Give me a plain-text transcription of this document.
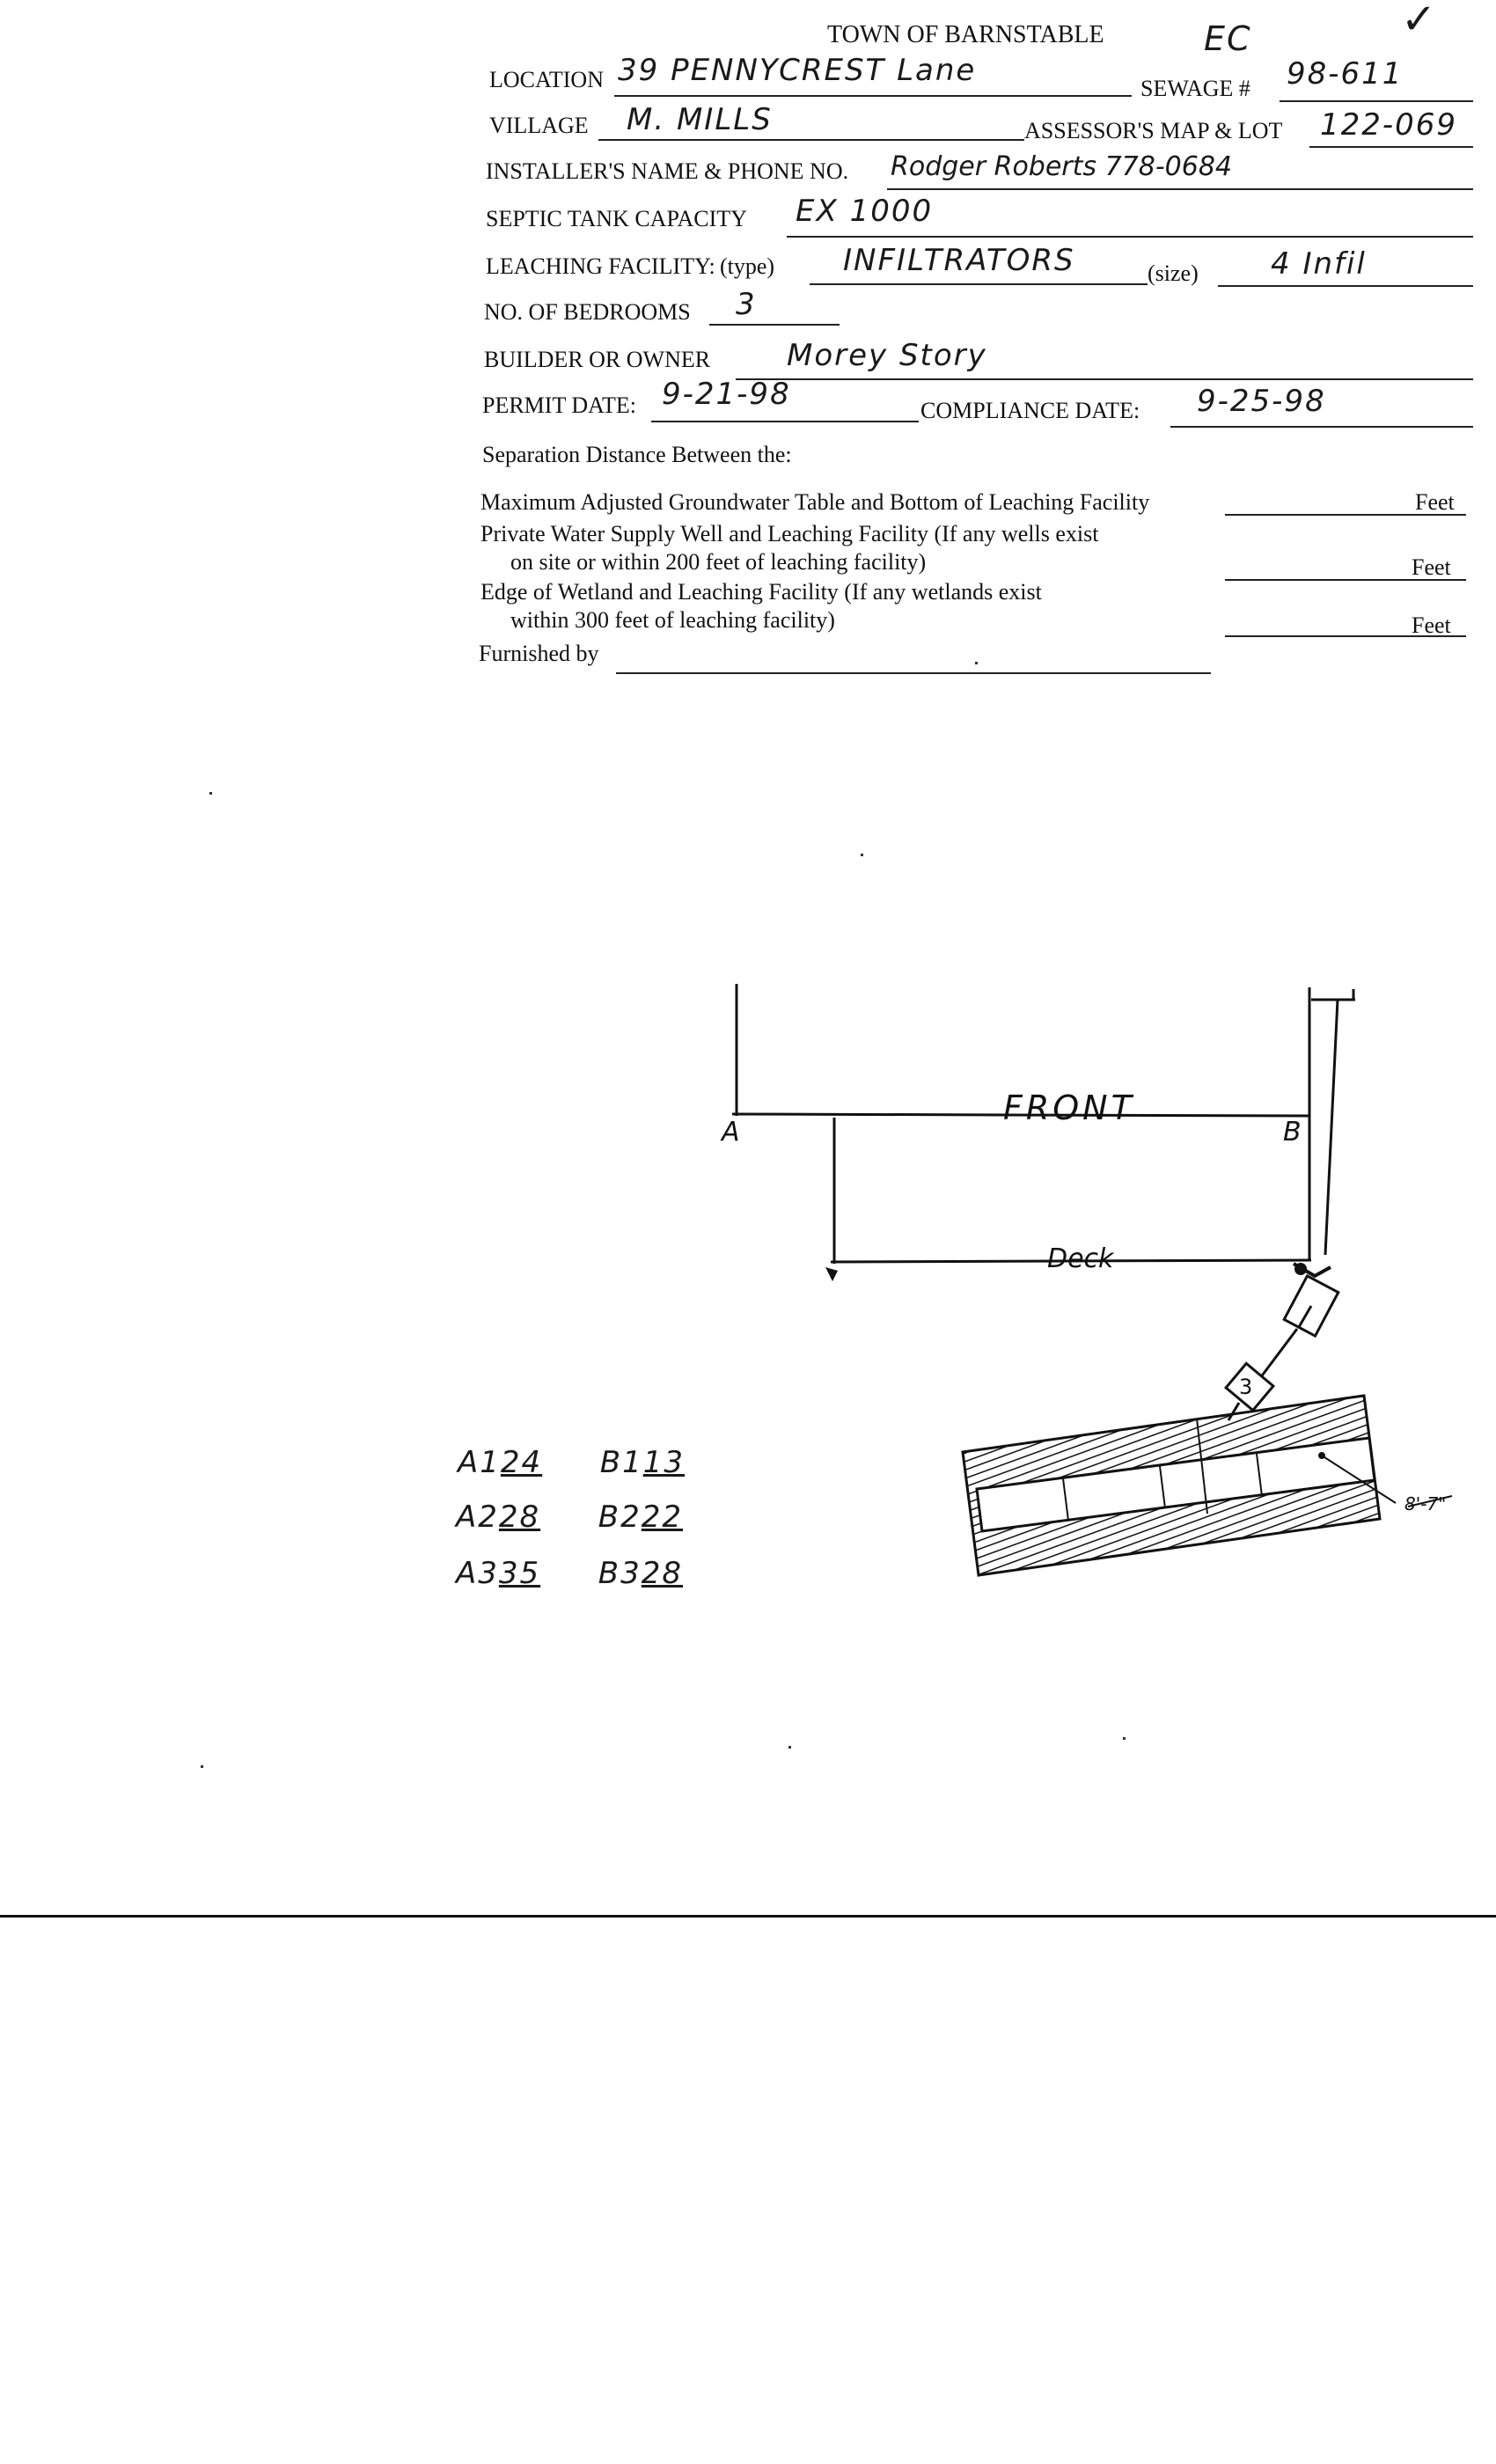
TOWN OF BARNSTABLE	EC	✓
LOCATION 39 PENNYCREST Lane
SEWAGE # 98-611
VILLAGE M. MILLS	ASSESSOR'S MAP & LOT 122-069
INSTALLER'S NAME & PHONE NO. Rodger Roberts 778-0684
SEPTIC TANK CAPACITY EX 1000
LEACHING FACILITY: (type) INFILTRATORS	(size) 4 Infil
NO. OF BEDROOMS 3
BUILDER OR OWNER	Morey Story
PERMIT DATE: 9-21-98	COMPLIANCE DATE: 9-25-98
Separation Distance Between the:
Maximum Adjusted Groundwater Table and Bottom of Leaching Facility	Feet
Private Water Supply Well and Leaching Facility (If any wells exist
on site or within 200 feet of leaching facility)	Feet
Edge of Wetland and Leaching Facility (If any wetlands exist
within 300 feet of leaching facility)	Feet
Furnished by
FRONT
Deck
A	B
8'-7"
3
A124 B113
A228 B222
A335 B328
